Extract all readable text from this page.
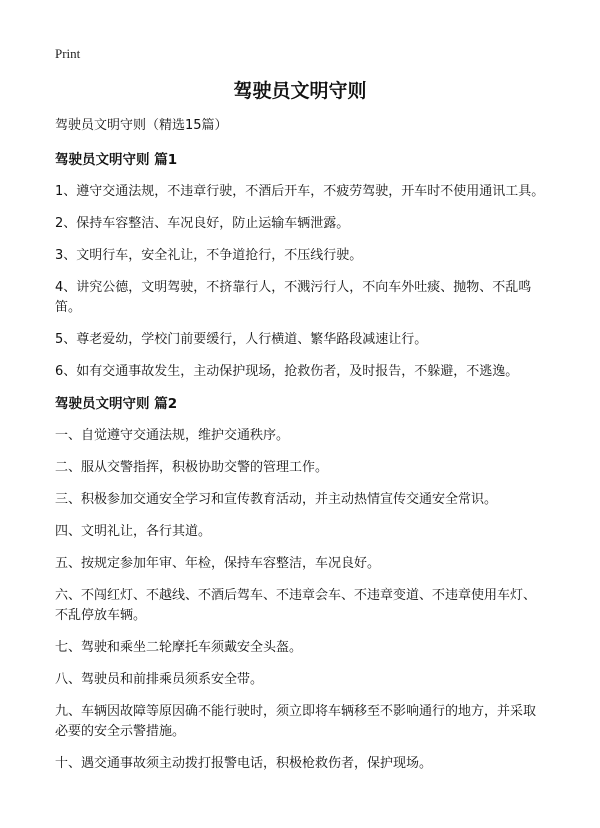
Print
驾驶员文明守则

驾驶员文明守则（精选15篇）

驾驶员文明守则 篇1

1、遵守交通法规，不违章行驶，不酒后开车，不疲劳驾驶，开车时不使用通讯工具。

2、保持车容整洁、车况良好，防止运输车辆泄露。

3、文明行车，安全礼让，不争道抢行，不压线行驶。

4、讲究公德，文明驾驶，不挤靠行人，不溅污行人，不向车外吐痰、抛物、不乱鸣笛。

5、尊老爱幼，学校门前要缓行，人行横道、繁华路段减速让行。

6、如有交通事故发生，主动保护现场，抢救伤者，及时报告，不躲避，不逃逸。

驾驶员文明守则 篇2

一、自觉遵守交通法规，维护交通秩序。

二、服从交警指挥，积极协助交警的管理工作。

三、积极参加交通安全学习和宣传教育活动，并主动热情宣传交通安全常识。

四、文明礼让，各行其道。

五、按规定参加年审、年检，保持车容整洁，车况良好。

六、不闯红灯、不越线、不酒后驾车、不违章会车、不违章变道、不违章使用车灯、不乱停放车辆。

七、驾驶和乘坐二轮摩托车须戴安全头盔。

八、驾驶员和前排乘员须系安全带。

九、车辆因故障等原因确不能行驶时，须立即将车辆移至不影响通行的地方，并采取必要的安全示警措施。

十、遇交通事故须主动拨打报警电话，积极枪救伤者，保护现场。
